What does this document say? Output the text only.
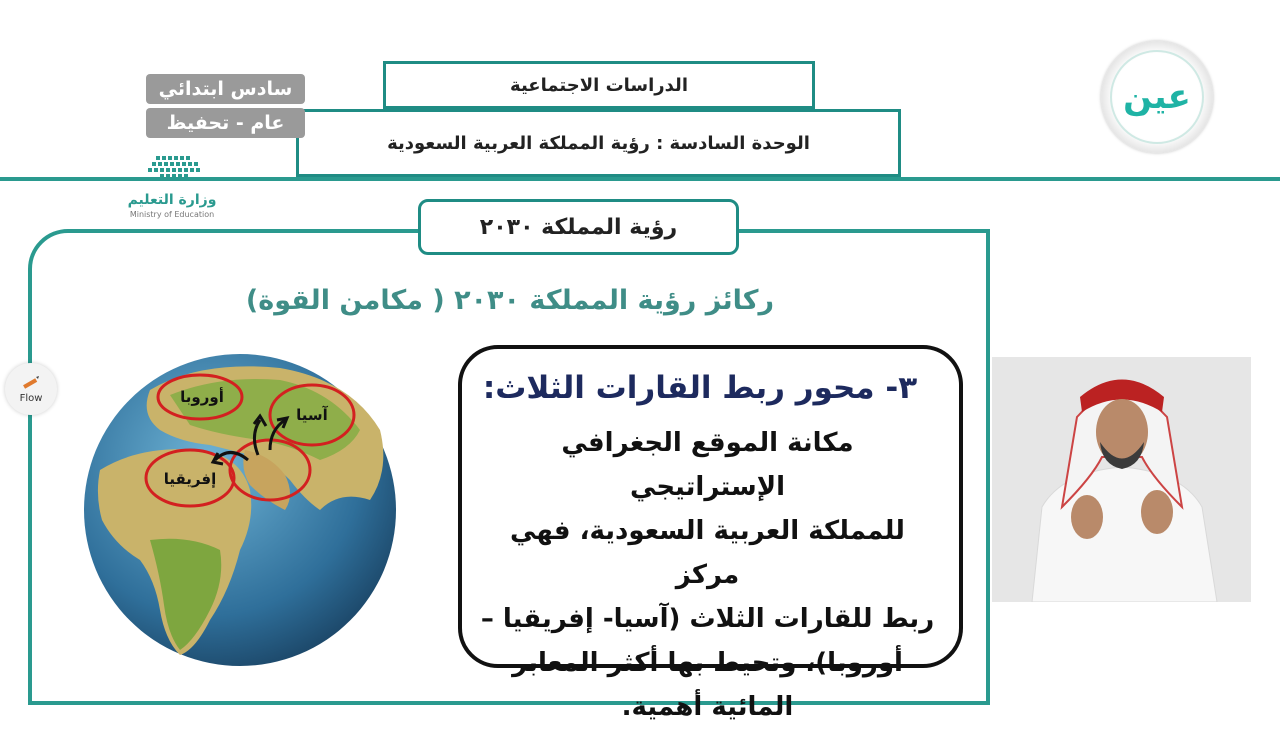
الدراسات الاجتماعية
الوحدة السادسة : رؤية المملكة العربية السعودية
سادس ابتدائي
عام - تحفيظ
وزارة التعليم
Ministry of Education
عين
رؤية المملكة ٢٠٣٠
ركائز رؤية المملكة ٢٠٣٠ ( مكامن القوة)
أوروبا
آسيا
إفريقيا
٣- محور ربط القارات الثلاث:
مكانة الموقع الجغرافي الإستراتيجي
للمملكة العربية السعودية، فهي مركز
ربط للقارات الثلاث (آسيا- إفريقيا –
أوروبا)، وتحيط بها أكثر المعابر
المائية أهمية.
Flow
